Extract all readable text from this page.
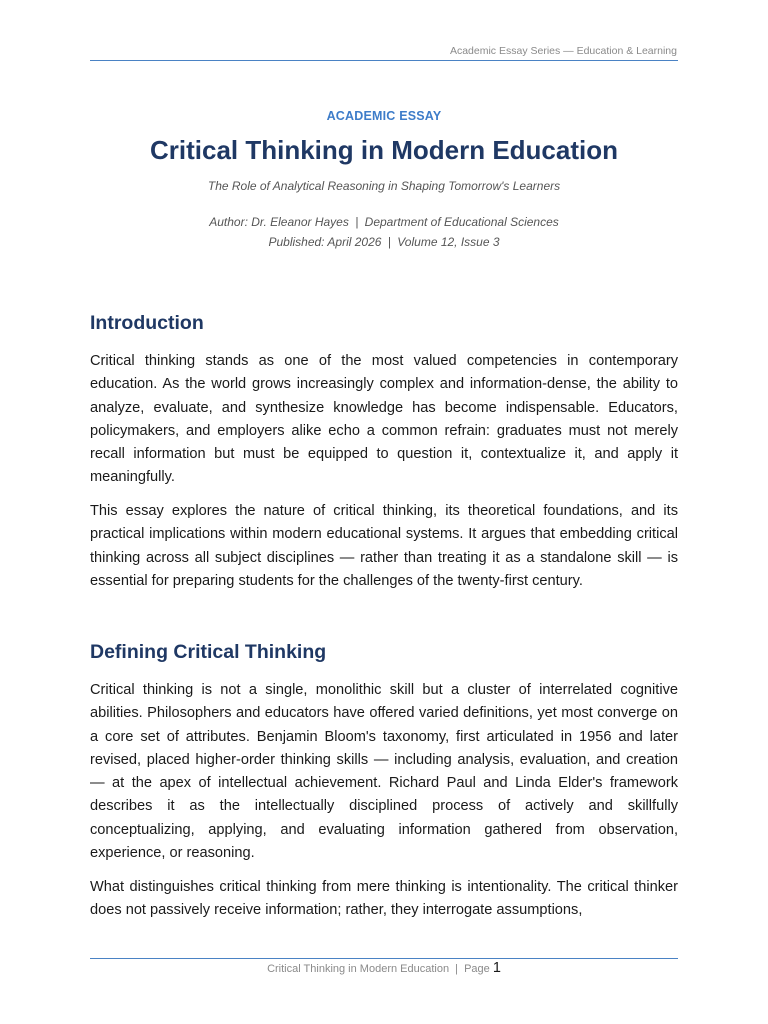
Academic Essay Series — Education & Learning
ACADEMIC ESSAY
Critical Thinking in Modern Education
The Role of Analytical Reasoning in Shaping Tomorrow's Learners
Author: Dr. Eleanor Hayes | Department of Educational Sciences
Published: April 2026 | Volume 12, Issue 3
Introduction

Critical thinking stands as one of the most valued competencies in contemporary education. As the world grows increasingly complex and information-dense, the ability to analyze, evaluate, and synthesize knowledge has become indispensable. Educators, policymakers, and employers alike echo a common refrain: graduates must not merely recall information but must be equipped to question it, contextualize it, and apply it meaningfully.

This essay explores the nature of critical thinking, its theoretical foundations, and its practical implications within modern educational systems. It argues that embedding critical thinking across all subject disciplines — rather than treating it as a standalone skill — is essential for preparing students for the challenges of the twenty-first century.

Defining Critical Thinking

Critical thinking is not a single, monolithic skill but a cluster of interrelated cognitive abilities. Philosophers and educators have offered varied definitions, yet most converge on a core set of attributes. Benjamin Bloom's taxonomy, first articulated in 1956 and later revised, placed higher-order thinking skills — including analysis, evaluation, and creation — at the apex of intellectual achievement. Richard Paul and Linda Elder's framework describes it as the intellectually disciplined process of actively and skillfully conceptualizing, applying, and evaluating information gathered from observation, experience, or reasoning.

What distinguishes critical thinking from mere thinking is intentionality. The critical thinker does not passively receive information; rather, they interrogate assumptions,

Critical Thinking in Modern Education | Page 1
